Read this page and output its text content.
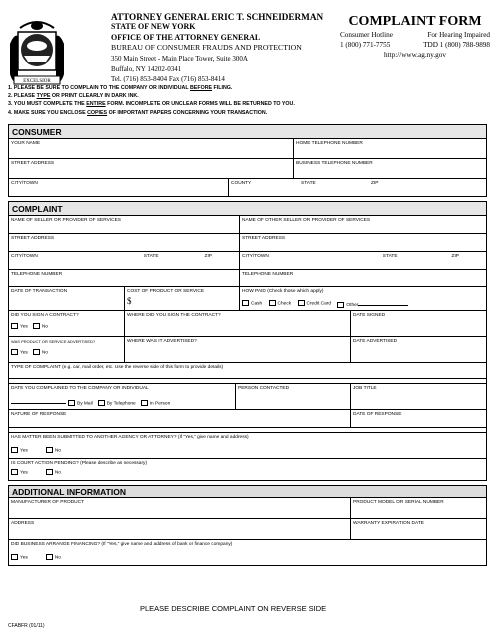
EXCELSIOR
ATTORNEY GENERAL ERIC T. SCHNEIDERMAN
STATE OF NEW YORK
OFFICE OF THE ATTORNEY GENERAL
BUREAU OF CONSUMER FRAUDS AND PROTECTION
350 Main Street - Main Place Tower, Suite 300A
Buffalo, NY 14202-0341
Tel. (716) 853-8404 Fax (716) 853-8414
COMPLAINT FORM
Consumer Hotline	For Hearing Impaired
1 (800) 771-7755	TDD 1 (800) 788-9898
http://www.ag.ny.gov
1. PLEASE BE SURE TO COMPLAIN TO THE COMPANY OR INDIVIDUAL BEFORE FILING.
2. PLEASE TYPE OR PRINT CLEARLY IN DARK INK.
3. YOU MUST COMPLETE THE ENTIRE FORM. INCOMPLETE OR UNCLEAR FORMS WILL BE RETURNED TO YOU.
4. MAKE SURE YOU ENCLOSE COPIES OF IMPORTANT PAPERS CONCERNING YOUR TRANSACTION.
CONSUMER
YOUR NAME	HOME TELEPHONE NUMBER
STREET ADDRESS	BUSINESS TELEPHONE NUMBER
CITY/TOWN	COUNTY	STATE	ZIP
COMPLAINT
NAME OF SELLER OR PROVIDER OF SERVICES	NAME OF OTHER SELLER OR PROVIDER OF SERVICES
STREET ADDRESS	STREET ADDRESS
CITY/TOWN	STATE	ZIP	CITY/TOWN	STATE	ZIP
TELEPHONE NUMBER	TELEPHONE NUMBER
DATE OF TRANSACTION	COST OF PRODUCT OR SERVICE
$
HOW PAID (Check those which apply)
Cash	Check	Credit Card	Other
DID YOU SIGN A CONTRACT?
Yes	No
WHERE DID YOU SIGN THE CONTRACT?	DATE SIGNED
WAS PRODUCT OR SERVICE ADVERTISED?
Yes	No
WHERE WAS IT ADVERTISED?	DATE ADVERTISED
TYPE OF COMPLAINT (e.g. car, mail order, etc. Use the reverse side of this form to provide details)
DATE YOU COMPLAINED TO THE COMPANY OR INDIVIDUAL
By Mail	By Telephone	In Person
PERSON CONTACTED	JOB TITLE
NATURE OF RESPONSE	DATE OF RESPONSE
HAS MATTER BEEN SUBMITTED TO ANOTHER AGENCY OR ATTORNEY? (If “Yes,” give name and address)
Yes	No
IS COURT ACTION PENDING? (Please describe as necessary)
Yes	No
ADDITIONAL INFORMATION
MANUFACTURER OF PRODUCT	PRODUCT MODEL OR SERIAL NUMBER
ADDRESS	WARRANTY EXPIRATION DATE
DID BUSINESS ARRANGE FINANCING? (If “Yes,” give name and address of bank or finance company)
Yes	No
PLEASE DESCRIBE COMPLAINT ON REVERSE SIDE
CFABFR (01/11)
